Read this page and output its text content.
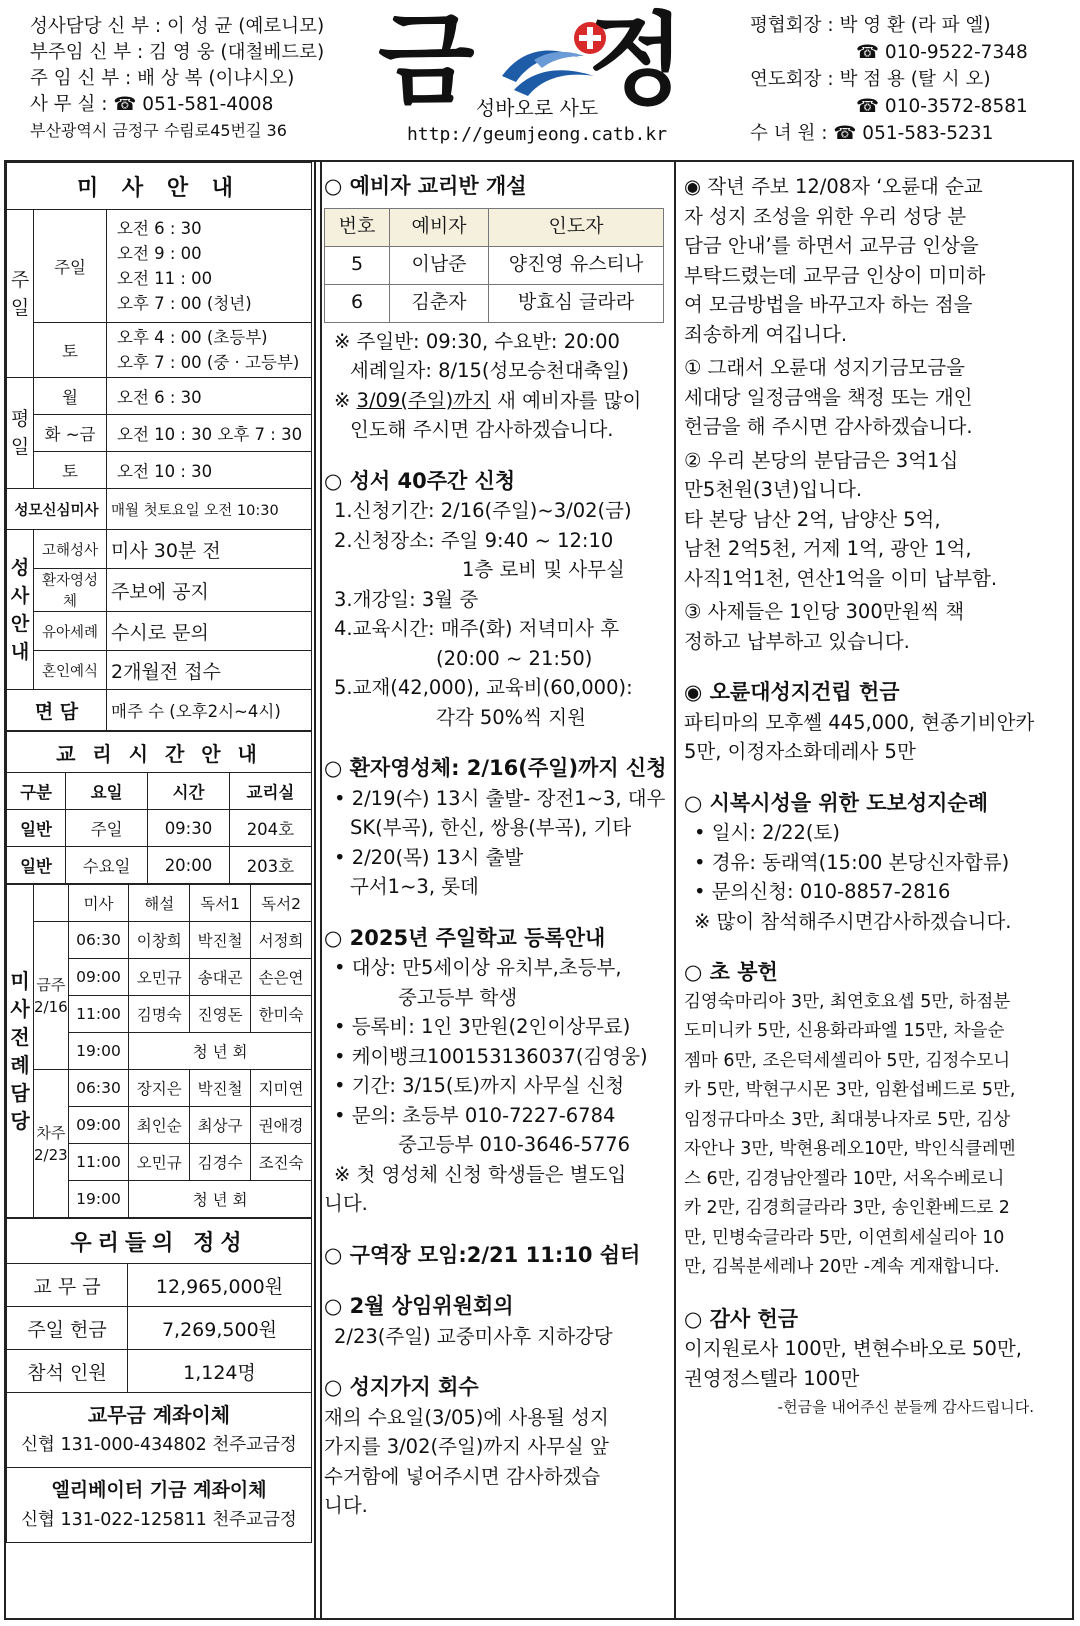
성사담당 신 부 : 이 성 균 (예로니모)
부주임 신 부 : 김 영 웅 (대철베드로)
주 임 신 부 : 배 상 복 (이냐시오)
사 무 실 : ☎ 051-581-4008
부산광역시 금정구 수림로45번길 36
금 정
성바오로 사도
http://geumjeong.catb.kr
평협회장 : 박 영 환 (라 파 엘)
☎ 010-9522-7348
연도회장 : 박 점 용 (탈 시 오)
☎ 010-3572-8581
수 녀 원 : ☎ 051-583-5231
미 사 안 내		
주일	주일	오전 6 : 30
오전 9 : 00
오전 11 : 00
오후 7 : 00 (청년)

	토	오후 4 : 00 (초등부)
오후 7 : 00 (중 · 고등부)

평일	월	오전 6 : 30
	화 ~금	오전 10 : 30 오후 7 : 30
	토	오전 10 : 30
성모신심미사		매월 첫토요일 오전 10:30
성사안내	고해성사	미사 30분 전
	환자영성체	주보에 공지
	유아세례	수시로 문의
	혼인예식	2개월전 접수
면 담		매주 수 (오후2시~4시)
교 리 시 간 안 내			
구분	요일	시간	교리실
일반	주일	09:30	204호
일반	수요일	20:00	203호
미사전례담당		미사	해설	독서1	독서2
	금주 2/16	06:30	이창희	박진철	서정희
		09:00	오민규	송대곤	손은연
		11:00	김명숙	진영돈	한미숙
		19:00	청 년 회		
	차주 2/23	06:30	장지은	박진철	지미연
		09:00	최인순	최상구	권애경
		11:00	오민규	김경수	조진숙
		19:00	청 년 회		
우리들의 정성	
교 무 금	12,965,000원
주일 헌금	7,269,500원
참석 인원	1,124명

교무금 계좌이체
신협 131-000-434802 천주교금정	

엘리베이터 기금 계좌이체
신협 131-022-125811 천주교금정	
○ 예비자 교리반 개설
번호	예비자	인도자
5	이남준	양진영 유스티나
6	김춘자	방효심 글라라
※ 주일반: 09:30, 수요반: 20:00
세례일자: 8/15(성모승천대축일)
※ 3/09(주일)까지 새 예비자를 많이
인도해 주시면 감사하겠습니다.
○ 성서 40주간 신청
1.신청기간: 2/16(주일)~3/02(금)
2.신청장소: 주일 9:40 ~ 12:10
1층 로비 및 사무실
3.개강일: 3월 중
4.교육시간: 매주(화) 저녁미사 후
(20:00 ~ 21:50)
5.교재(42,000), 교육비(60,000):
각각 50%씩 지원
○ 환자영성체: 2/16(주일)까지 신청
• 2/19(수) 13시 출발- 장전1~3, 대우
SK(부곡), 한신, 쌍용(부곡), 기타
• 2/20(목) 13시 출발
구서1~3, 롯데
○ 2025년 주일학교 등록안내
• 대상: 만5세이상 유치부,초등부,
중고등부 학생
• 등록비: 1인 3만원(2인이상무료)
• 케이뱅크100153136037(김영웅)
• 기간: 3/15(토)까지 사무실 신청
• 문의: 초등부 010-7227-6784
중고등부 010-3646-5776
※ 첫 영성체 신청 학생들은 별도입
니다.
○ 구역장 모임:2/21 11:10 쉼터
○ 2월 상임위원회의
2/23(주일) 교중미사후 지하강당
○ 성지가지 회수
재의 수요일(3/05)에 사용될 성지
가지를 3/02(주일)까지 사무실 앞
수거함에 넣어주시면 감사하겠습
니다.
◉ 작년 주보 12/08자 ‘오륜대 순교
자 성지 조성을 위한 우리 성당 분
담금 안내’를 하면서 교무금 인상을
부탁드렸는데 교무금 인상이 미미하
여 모금방법을 바꾸고자 하는 점을
죄송하게 여깁니다.
① 그래서 오륜대 성지기금모금을
세대당 일정금액을 책정 또는 개인
헌금을 해 주시면 감사하겠습니다.
② 우리 본당의 분담금은 3억1십
만5천원(3년)입니다.
타 본당 남산 2억, 남양산 5억,
남천 2억5천, 거제 1억, 광안 1억,
사직1억1천, 연산1억을 이미 납부함.
③ 사제들은 1인당 300만원씩 책
정하고 납부하고 있습니다.
◉ 오륜대성지건립 헌금
파티마의 모후쎌 445,000, 현종기비안카
5만, 이정자소화데레사 5만
○ 시복시성을 위한 도보성지순례
• 일시: 2/22(토)
• 경유: 동래역(15:00 본당신자합류)
• 문의신청: 010-8857-2816
※ 많이 참석해주시면감사하겠습니다.
○ 초 봉헌
김영숙마리아 3만, 최연호요셉 5만, 하점분
도미니카 5만, 신용화라파엘 15만, 차을순
젬마 6만, 조은덕세셀리아 5만, 김정수모니
카 5만, 박현구시몬 3만, 임환섭베드로 5만,
임정규다마소 3만, 최대붕나자로 5만, 김상
자안나 3만, 박현용레오10만, 박인식클레멘
스 6만, 김경남안젤라 10만, 서옥수베로니
카 2만, 김경희글라라 3만, 송인환베드로 2
만, 민병숙글라라 5만, 이연희세실리아 10
만, 김복분세레나 20만 -계속 게재합니다.
○ 감사 헌금
이지원로사 100만, 변현수바오로 50만,
권영정스텔라 100만
-헌금을 내어주신 분들께 감사드립니다.
